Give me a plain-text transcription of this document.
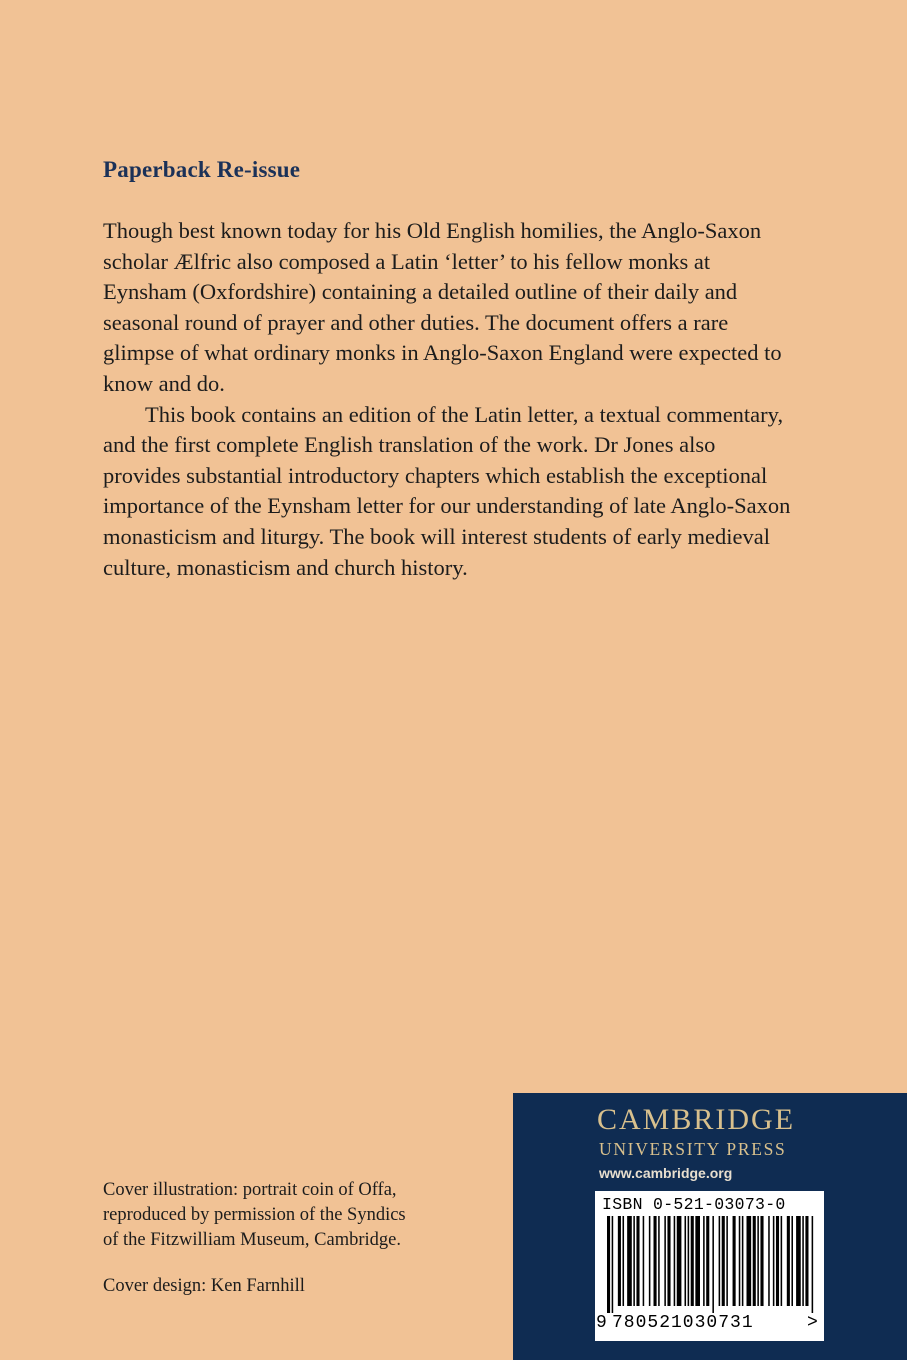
Paperback Re-issue

Though best known today for his Old English homilies, the Anglo-Saxon scholar Ælfric also composed a Latin ‘letter’ to his fellow monks at Eynsham (Oxfordshire) containing a detailed outline of their daily and seasonal round of prayer and other duties. The document offers a rare glimpse of what ordinary monks in Anglo-Saxon England were expected to know and do.

This book contains an edition of the Latin letter, a textual commentary, and the first complete English translation of the work. Dr Jones also provides substantial introductory chapters which establish the exceptional importance of the Eynsham letter for our understanding of late Anglo-Saxon monasticism and liturgy. The book will interest students of early medieval culture, monasticism and church history.

Cover illustration: portrait coin of Offa,

reproduced by permission of the Syndics

of the Fitzwilliam Museum, Cambridge.

Cover design: Ken Farnhill

CAMBRIDGE
UNIVERSITY PRESS
www.cambridge.org
ISBN 0-521-03073-0
9 780521030731	>
